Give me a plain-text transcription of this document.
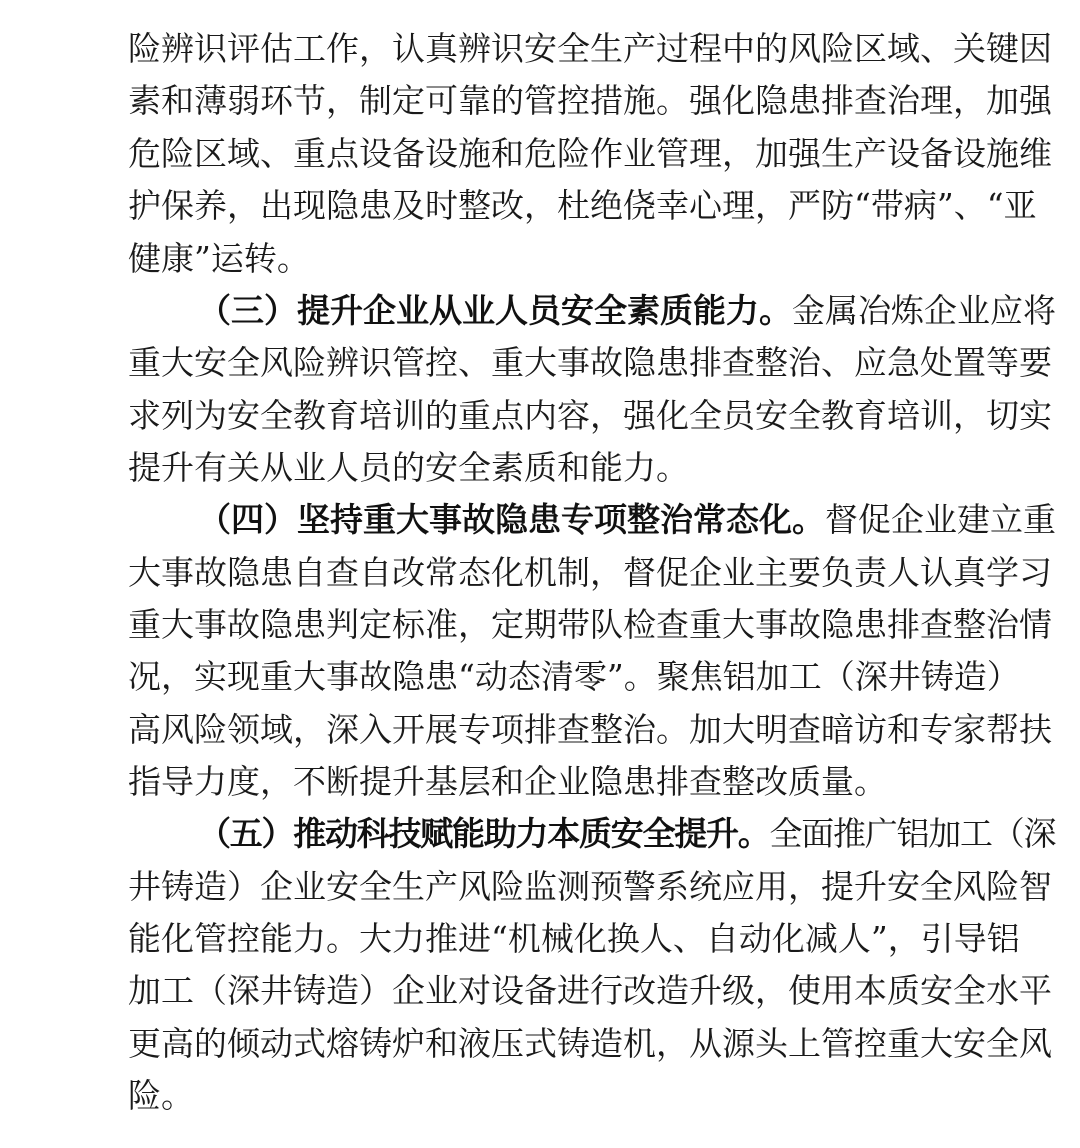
险辨识评估工作，认真辨识安全生产过程中的风险区域、关键因

素和薄弱环节，制定可靠的管控措施。强化隐患排查治理，加强

危险区域、重点设备设施和危险作业管理，加强生产设备设施维

护保养，出现隐患及时整改，杜绝侥幸心理，严防“带病”、“亚

健康”运转。

（三）提升企业从业人员安全素质能力。金属冶炼企业应将

重大安全风险辨识管控、重大事故隐患排查整治、应急处置等要

求列为安全教育培训的重点内容，强化全员安全教育培训，切实

提升有关从业人员的安全素质和能力。

（四）坚持重大事故隐患专项整治常态化。督促企业建立重

大事故隐患自查自改常态化机制，督促企业主要负责人认真学习

重大事故隐患判定标准，定期带队检查重大事故隐患排查整治情

况，实现重大事故隐患“动态清零”。聚焦铝加工（深井铸造）

高风险领域，深入开展专项排查整治。加大明查暗访和专家帮扶

指导力度，不断提升基层和企业隐患排查整改质量。

（五）推动科技赋能助力本质安全提升。全面推广铝加工（深

井铸造）企业安全生产风险监测预警系统应用，提升安全风险智

能化管控能力。大力推进“机械化换人、自动化减人”，引导铝

加工（深井铸造）企业对设备进行改造升级，使用本质安全水平

更高的倾动式熔铸炉和液压式铸造机，从源头上管控重大安全风

险。
